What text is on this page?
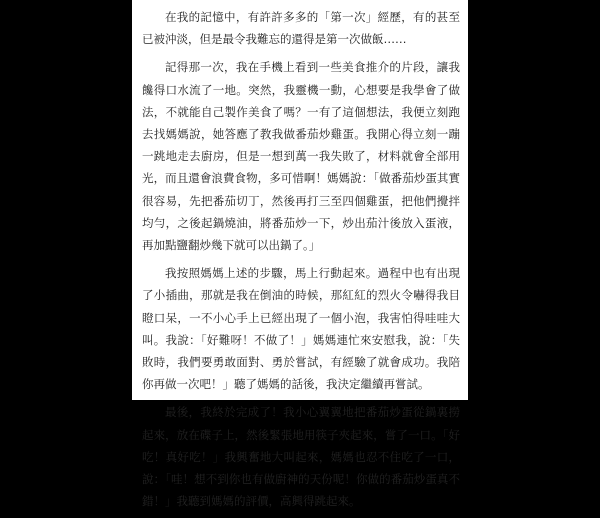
在我的記憶中，有許許多多的「第一次」經歷，有的甚至已被沖淡，但是最令我難忘的還得是第一次做飯……

記得那一次，我在手機上看到一些美食推介的片段，讓我饞得口水流了一地。突然，我靈機一動，心想要是我學會了做法，不就能自己製作美食了嗎？一有了這個想法，我便立刻跑去找媽媽說，她答應了教我做番茄炒雞蛋。我開心得立刻一蹦一跳地走去廚房，但是一想到萬一我失敗了，材料就會全部用光，而且還會浪費食物，多可惜啊！媽媽說：「做番茄炒蛋其實很容易，先把番茄切丁，然後再打三至四個雞蛋，把他們攪拌均勻，之後起鍋燒油，將番茄炒一下，炒出茄汁後放入蛋液，再加點鹽翻炒幾下就可以出鍋了。」

我按照媽媽上述的步驟，馬上行動起來。過程中也有出現了小插曲，那就是我在倒油的時候，那紅紅的烈火令嚇得我目瞪口呆，一不小心手上已經出現了一個小泡，我害怕得哇哇大叫。我說：「好難呀！不做了！」媽媽連忙來安慰我，說：「失敗時，我們要勇敢面對、勇於嘗試，有經驗了就會成功。我陪你再做一次吧！」聽了媽媽的話後，我決定繼續再嘗試。

最後，我終於完成了！我小心翼翼地把番茄炒蛋從鍋裏撈起來，放在碟子上，然後緊張地用筷子夾起來，嘗了一口。「好吃！真好吃！」我興奮地大叫起來，媽媽也忍不住吃了一口，說：「哇！想不到你也有做廚神的天份呢！你做的番茄炒蛋真不錯！」我聽到媽媽的評價，高興得跳起來。
